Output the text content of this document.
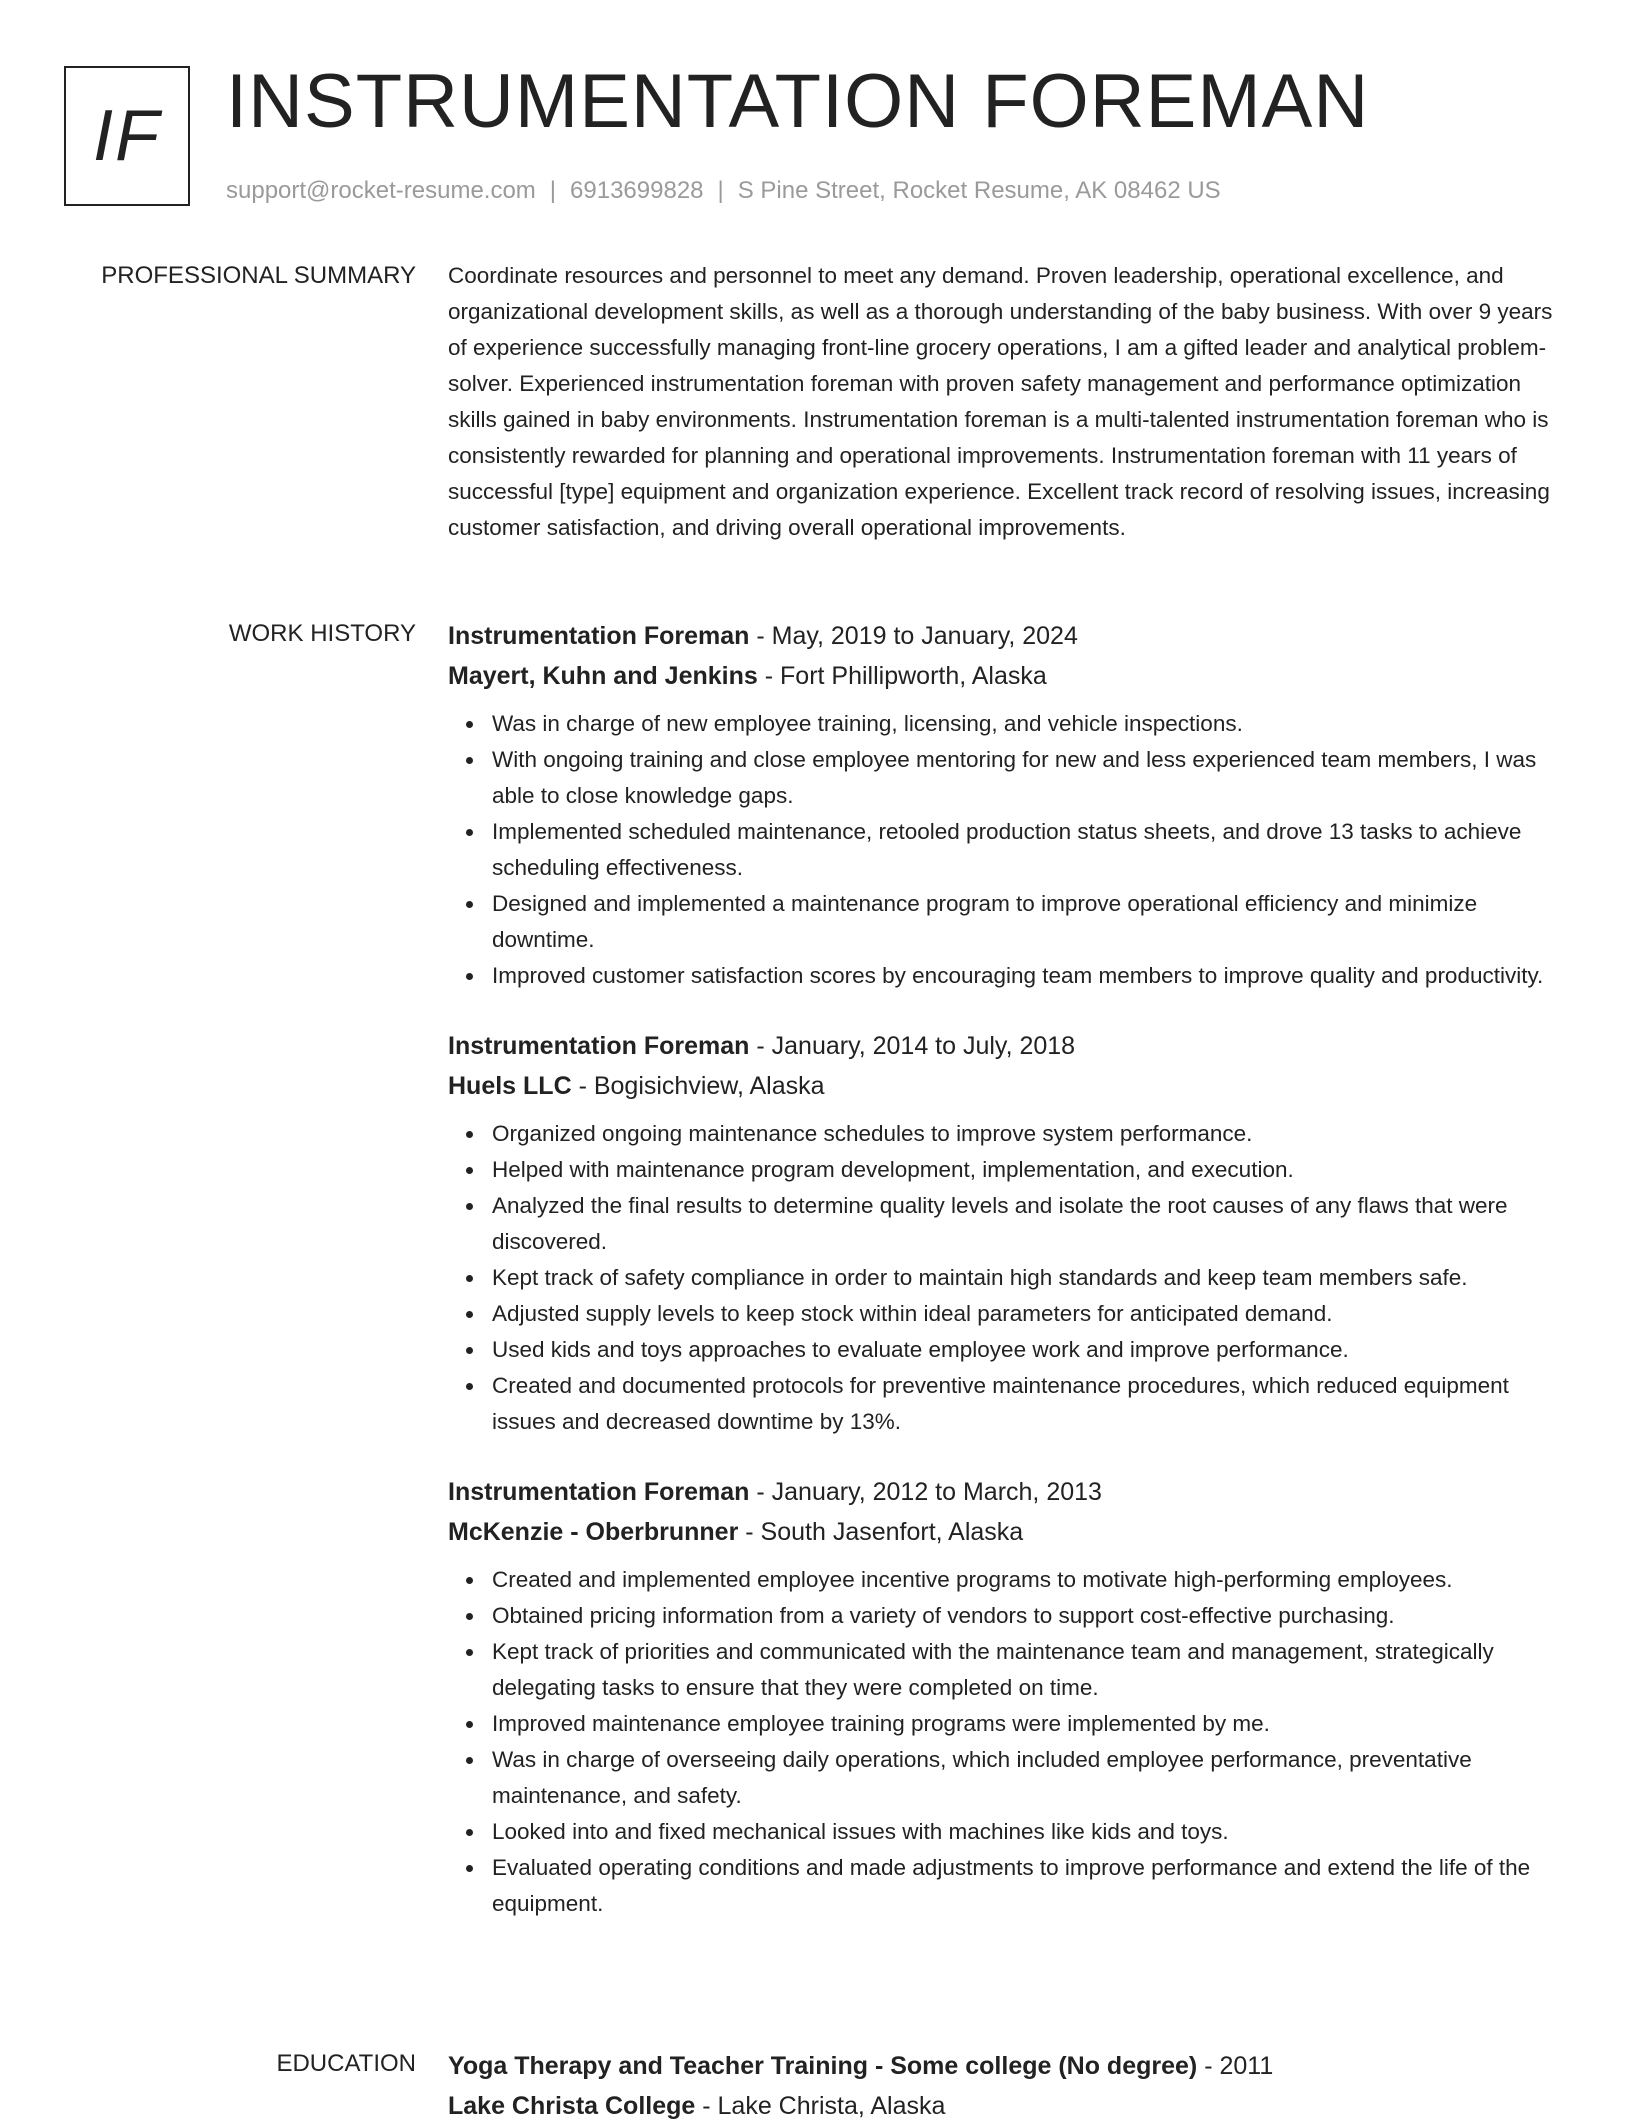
IF INSTRUMENTATION FOREMAN
support@rocket-resume.com | 6913699828 | S Pine Street, Rocket Resume, AK 08462 US
PROFESSIONAL SUMMARY Coordinate resources and personnel to meet any demand. Proven leadership, operational excellence, and organizational development skills, as well as a thorough understanding of the baby business. With over 9 years of experience successfully managing front-line grocery operations, I am a gifted leader and analytical problem-solver. Experienced instrumentation foreman with proven safety management and performance optimization skills gained in baby environments. Instrumentation foreman is a multi-talented instrumentation foreman who is consistently rewarded for planning and operational improvements. Instrumentation foreman with 11 years of successful [type] equipment and organization experience. Excellent track record of resolving issues, increasing customer satisfaction, and driving overall operational improvements.

WORK HISTORY Instrumentation Foreman - May, 2019 to January, 2024
Mayert, Kuhn and Jenkins - Fort Phillipworth, Alaska
Was in charge of new employee training, licensing, and vehicle inspections.
With ongoing training and close employee mentoring for new and less experienced team members, I was able to close knowledge gaps.
Implemented scheduled maintenance, retooled production status sheets, and drove 13 tasks to achieve scheduling effectiveness.
Designed and implemented a maintenance program to improve operational efficiency and minimize downtime.
Improved customer satisfaction scores by encouraging team members to improve quality and productivity.
Instrumentation Foreman - January, 2014 to July, 2018
Huels LLC - Bogisichview, Alaska
Organized ongoing maintenance schedules to improve system performance.
Helped with maintenance program development, implementation, and execution.
Analyzed the final results to determine quality levels and isolate the root causes of any flaws that were discovered.
Kept track of safety compliance in order to maintain high standards and keep team members safe.
Adjusted supply levels to keep stock within ideal parameters for anticipated demand.
Used kids and toys approaches to evaluate employee work and improve performance.
Created and documented protocols for preventive maintenance procedures, which reduced equipment issues and decreased downtime by 13%.
Instrumentation Foreman - January, 2012 to March, 2013
McKenzie - Oberbrunner - South Jasenfort, Alaska
Created and implemented employee incentive programs to motivate high-performing employees.
Obtained pricing information from a variety of vendors to support cost-effective purchasing.
Kept track of priorities and communicated with the maintenance team and management, strategically delegating tasks to ensure that they were completed on time.
Improved maintenance employee training programs were implemented by me.
Was in charge of overseeing daily operations, which included employee performance, preventative maintenance, and safety.
Looked into and fixed mechanical issues with machines like kids and toys.
Evaluated operating conditions and made adjustments to improve performance and extend the life of the equipment.
EDUCATION Yoga Therapy and Teacher Training - Some college (No degree) - 2011
Lake Christa College - Lake Christa, Alaska
